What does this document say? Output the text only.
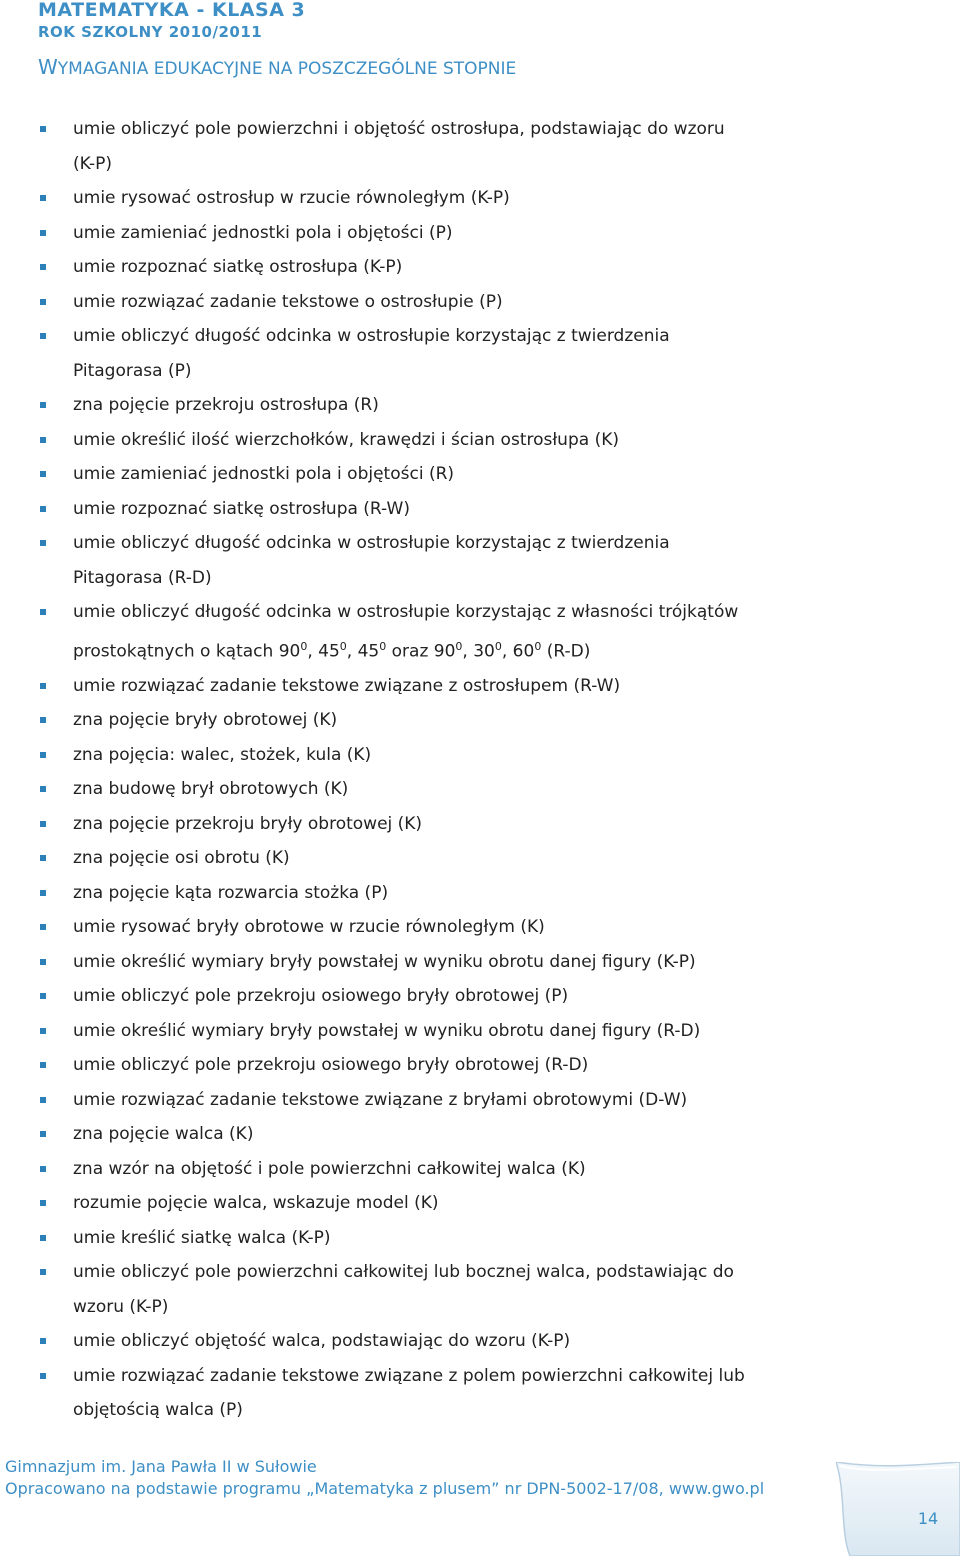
MATEMATYKA - KLASA 3
ROK SZKOLNY 2010/2011
WYMAGANIA EDUKACYJNE NA POSZCZEGÓLNE STOPNIE
umie obliczyć pole powierzchni i objętość ostrosłupa, podstawiając do wzoru
(K-P)
umie rysować ostrosłup w rzucie równoległym (K-P)
umie zamieniać jednostki pola i objętości (P)
umie rozpoznać siatkę ostrosłupa (K-P)
umie rozwiązać zadanie tekstowe o ostrosłupie (P)
umie obliczyć długość odcinka w ostrosłupie korzystając z twierdzenia
Pitagorasa (P)
zna pojęcie przekroju ostrosłupa (R)
umie określić ilość wierzchołków, krawędzi i ścian ostrosłupa (K)
umie zamieniać jednostki pola i objętości (R)
umie rozpoznać siatkę ostrosłupa (R-W)
umie obliczyć długość odcinka w ostrosłupie korzystając z twierdzenia
Pitagorasa (R-D)
umie obliczyć długość odcinka w ostrosłupie korzystając z własności trójkątów
prostokątnych o kątach $90^0$, $45^0$, $45^0$ oraz $90^0$, $30^0$, $60^0$ (R-D)
umie rozwiązać zadanie tekstowe związane z ostrosłupem (R-W)
zna pojęcie bryły obrotowej (K)
zna pojęcia: walec, stożek, kula (K)
zna budowę brył obrotowych (K)
zna pojęcie przekroju bryły obrotowej (K)
zna pojęcie osi obrotu (K)
zna pojęcie kąta rozwarcia stożka (P)
umie rysować bryły obrotowe w rzucie równoległym (K)
umie określić wymiary bryły powstałej w wyniku obrotu danej figury (K-P)
umie obliczyć pole przekroju osiowego bryły obrotowej (P)
umie określić wymiary bryły powstałej w wyniku obrotu danej figury (R-D)
umie obliczyć pole przekroju osiowego bryły obrotowej (R-D)
umie rozwiązać zadanie tekstowe związane z bryłami obrotowymi (D-W)
zna pojęcie walca (K)
zna wzór na objętość i pole powierzchni całkowitej walca (K)
rozumie pojęcie walca, wskazuje model (K)
umie kreślić siatkę walca (K-P)
umie obliczyć pole powierzchni całkowitej lub bocznej walca, podstawiając do
wzoru (K-P)
umie obliczyć objętość walca, podstawiając do wzoru (K-P)
umie rozwiązać zadanie tekstowe związane z polem powierzchni całkowitej lub
objętością walca (P)
Gimnazjum im. Jana Pawła II w Sułowie
Opracowano na podstawie programu „Matematyka z plusem” nr DPN-5002-17/08, www.gwo.pl
14
